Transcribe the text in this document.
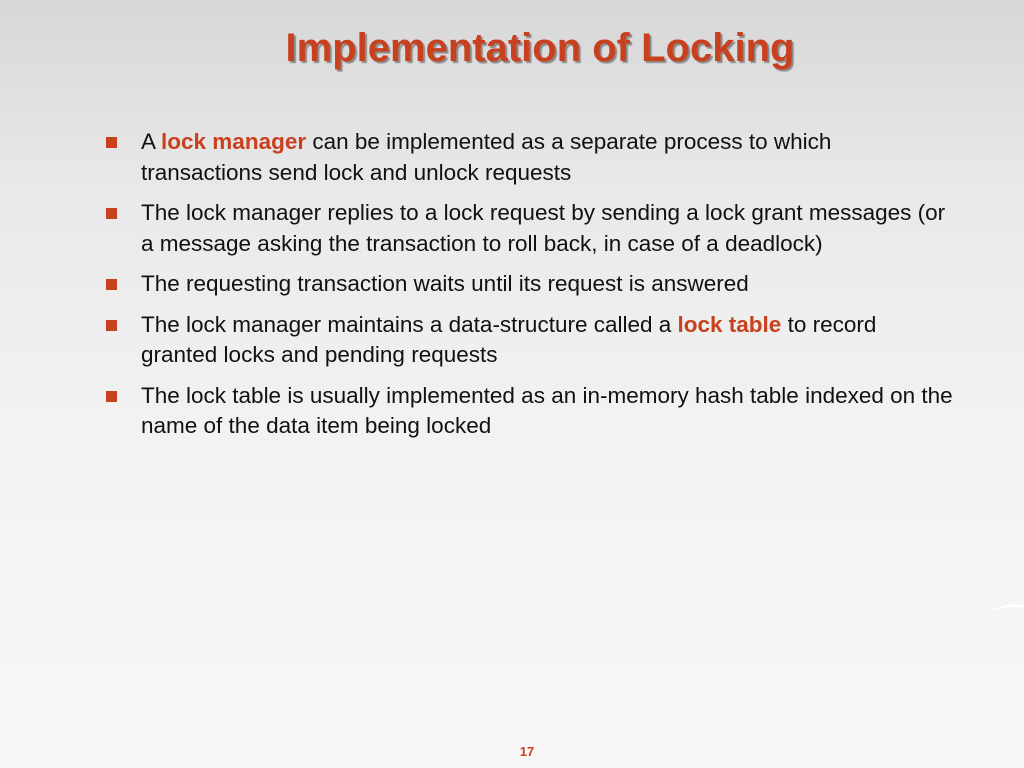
Implementation of Locking
A lock manager can be implemented as a separate process to which transactions send lock and unlock requests
The lock manager replies to a lock request by sending a lock grant messages (or a message asking the transaction to roll back, in case of a deadlock)
The requesting transaction waits until its request is answered
The lock manager maintains a data-structure called a lock table to record granted locks and pending requests
The lock table is usually implemented as an in-memory hash table indexed on the name of the data item being locked
17
